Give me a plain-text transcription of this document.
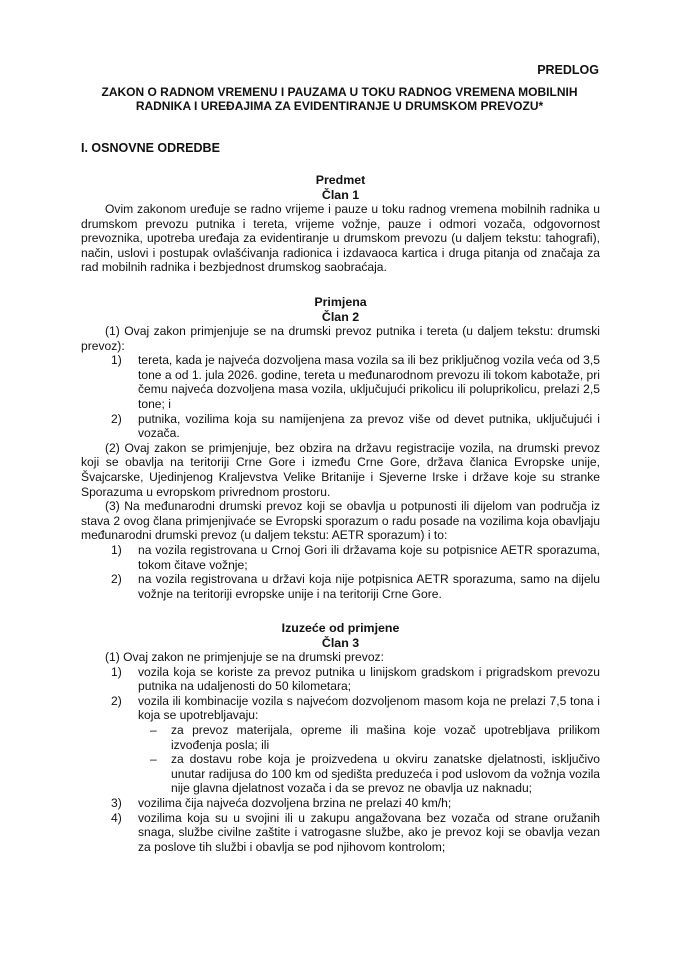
PREDLOG
ZAKON O RADNOM VREMENU I PAUZAMA U TOKU RADNOG VREMENA MOBILNIH
RADNIKA I UREĐAJIMA ZA EVIDENTIRANJE U DRUMSKOM PREVOZU*
I. OSNOVNE ODREDBE
Predmet
Član 1
Ovim zakonom uređuje se radno vrijeme i pauze u toku radnog vremena mobilnih radnika u drumskom prevozu putnika i tereta, vrijeme vožnje, pauze i odmori vozača, odgovornost prevoznika, upotreba uređaja za evidentiranje u drumskom prevozu (u daljem tekstu: tahografi), način, uslovi i postupak ovlašćivanja radionica i izdavaoca kartica i druga pitanja od značaja za rad mobilnih radnika i bezbjednost drumskog saobraćaja.
Primjena
Član 2
(1) Ovaj zakon primjenjuje se na drumski prevoz putnika i tereta (u daljem tekstu: drumski prevoz):
1) tereta, kada je najveća dozvoljena masa vozila sa ili bez priključnog vozila veća od 3,5 tone a od 1. jula 2026. godine, tereta u međunarodnom prevozu ili tokom kabotaže, pri čemu najveća dozvoljena masa vozila, uključujući prikolicu ili poluprikolicu, prelazi 2,5 tone; i
2) putnika, vozilima koja su namijenjena za prevoz više od devet putnika, uključujući i vozača.
(2) Ovaj zakon se primjenjuje, bez obzira na državu registracije vozila, na drumski prevoz koji se obavlja na teritoriji Crne Gore i između Crne Gore, država članica Evropske unije, Švajcarske, Ujedinjenog Kraljevstva Velike Britanije i Sjeverne Irske i države koje su stranke Sporazuma u evropskom privrednom prostoru.
(3) Na međunarodni drumski prevoz koji se obavlja u potpunosti ili dijelom van područja iz stava 2 ovog člana primjenjivaće se Evropski sporazum o radu posade na vozilima koja obavljaju međunarodni drumski prevoz (u daljem tekstu: AETR sporazum) i to:
1) na vozila registrovana u Crnoj Gori ili državama koje su potpisnice AETR sporazuma, tokom čitave vožnje;
2) na vozila registrovana u državi koja nije potpisnica AETR sporazuma, samo na dijelu vožnje na teritoriji evropske unije i na teritoriji Crne Gore.
Izuzeće od primjene
Član 3
(1) Ovaj zakon ne primjenjuje se na drumski prevoz:
1) vozila koja se koriste za prevoz putnika u linijskom gradskom i prigradskom prevozu putnika na udaljenosti do 50 kilometara;
2) vozila ili kombinacije vozila s najvećom dozvoljenom masom koja ne prelazi 7,5 tona i koja se upotrebljavaju:
– za prevoz materijala, opreme ili mašina koje vozač upotrebljava prilikom izvođenja posla; ili
– za dostavu robe koja je proizvedena u okviru zanatske djelatnosti, isključivo unutar radijusa do 100 km od sjedišta preduzeća i pod uslovom da vožnja vozila nije glavna djelatnost vozača i da se prevoz ne obavlja uz naknadu;
3) vozilima čija najveća dozvoljena brzina ne prelazi 40 km/h;
4) vozilima koja su u svojini ili u zakupu angažovana bez vozača od strane oružanih snaga, službe civilne zaštite i vatrogasne službe, ako je prevoz koji se obavlja vezan za poslove tih službi i obavlja se pod njihovom kontrolom;
